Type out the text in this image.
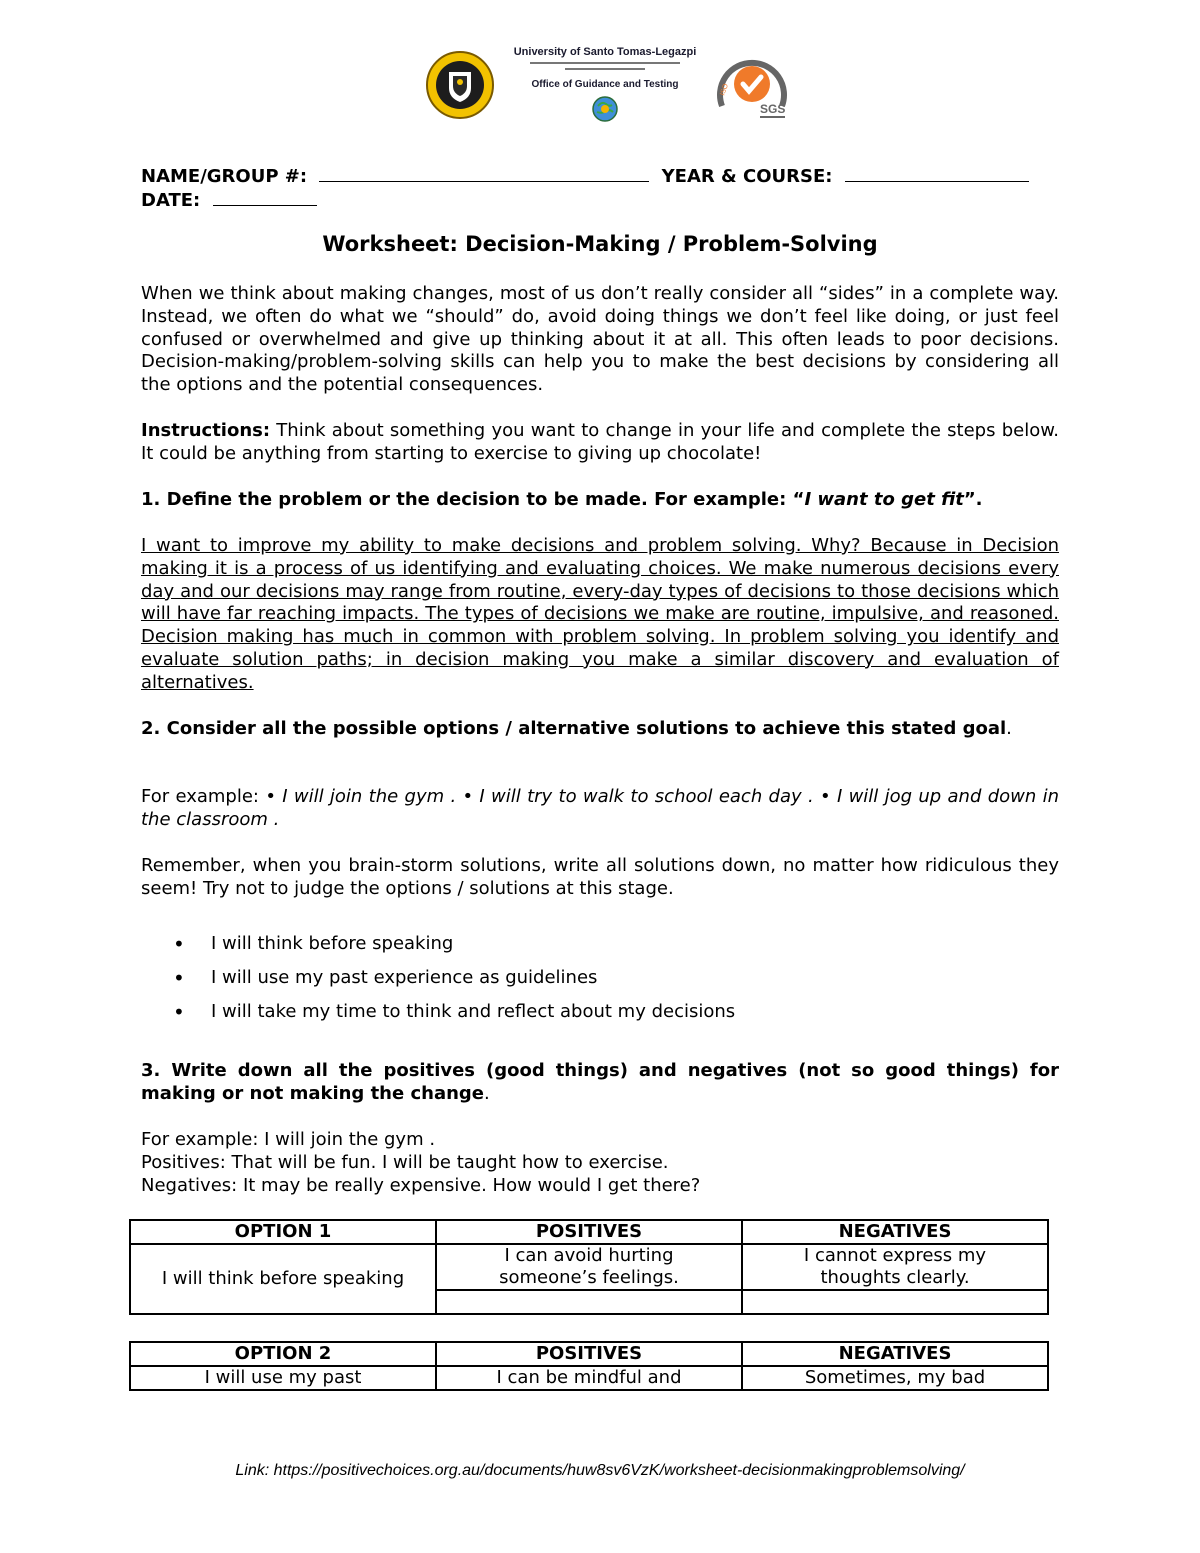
University of Santo Tomas-Legazpi
Office of Guidance and Testing	ISO
SGS
NAME/GROUP #:	YEAR & COURSE:
DATE:
Worksheet: Decision-Making / Problem-Solving
When we think about making changes, most of us don’t really consider all “sides” in a complete way. Instead, we often do what we “should” do, avoid doing things we don’t feel like doing, or just feel confused or overwhelmed and give up thinking about it at all. This often leads to poor decisions. Decision-making/problem-solving skills can help you to make the best decisions by considering all the options and the potential consequences.
Instructions: Think about something you want to change in your life and complete the steps below. It could be anything from starting to exercise to giving up chocolate!
1. Define the problem or the decision to be made. For example: “I want to get fit”.
I want to improve my ability to make decisions and problem solving. Why? Because in Decision making it is a process of us identifying and evaluating choices. We make numerous decisions every day and our decisions may range from routine, every-day types of decisions to those decisions which will have far reaching impacts. The types of decisions we make are routine, impulsive, and reasoned. Decision making has much in common with problem solving. In problem solving you identify and evaluate solution paths; in decision making you make a similar discovery and evaluation of alternatives.
2. Consider all the possible options / alternative solutions to achieve this stated goal.
For example: • I will join the gym . • I will try to walk to school each day . • I will jog up and down in the classroom .
Remember, when you brain-storm solutions, write all solutions down, no matter how ridiculous they seem! Try not to judge the options / solutions at this stage.
• I will think before speaking
• I will use my past experience as guidelines
• I will take my time to think and reflect about my decisions
3. Write down all the positives (good things) and negatives (not so good things) for making or not making the change.
For example: I will join the gym .
Positives: That will be fun. I will be taught how to exercise.
Negatives: It may be really expensive. How would I get there?
OPTION 1	POSITIVES	NEGATIVES
I will think before speaking	I can avoid hurting someone’s feelings.	I cannot express my thoughts clearly.

OPTION 2	POSITIVES	NEGATIVES
I will use my past	I can be mindful and	Sometimes, my bad
Link: https://positivechoices.org.au/documents/huw8sv6VzK/worksheet-decisionmakingproblemsolving/
